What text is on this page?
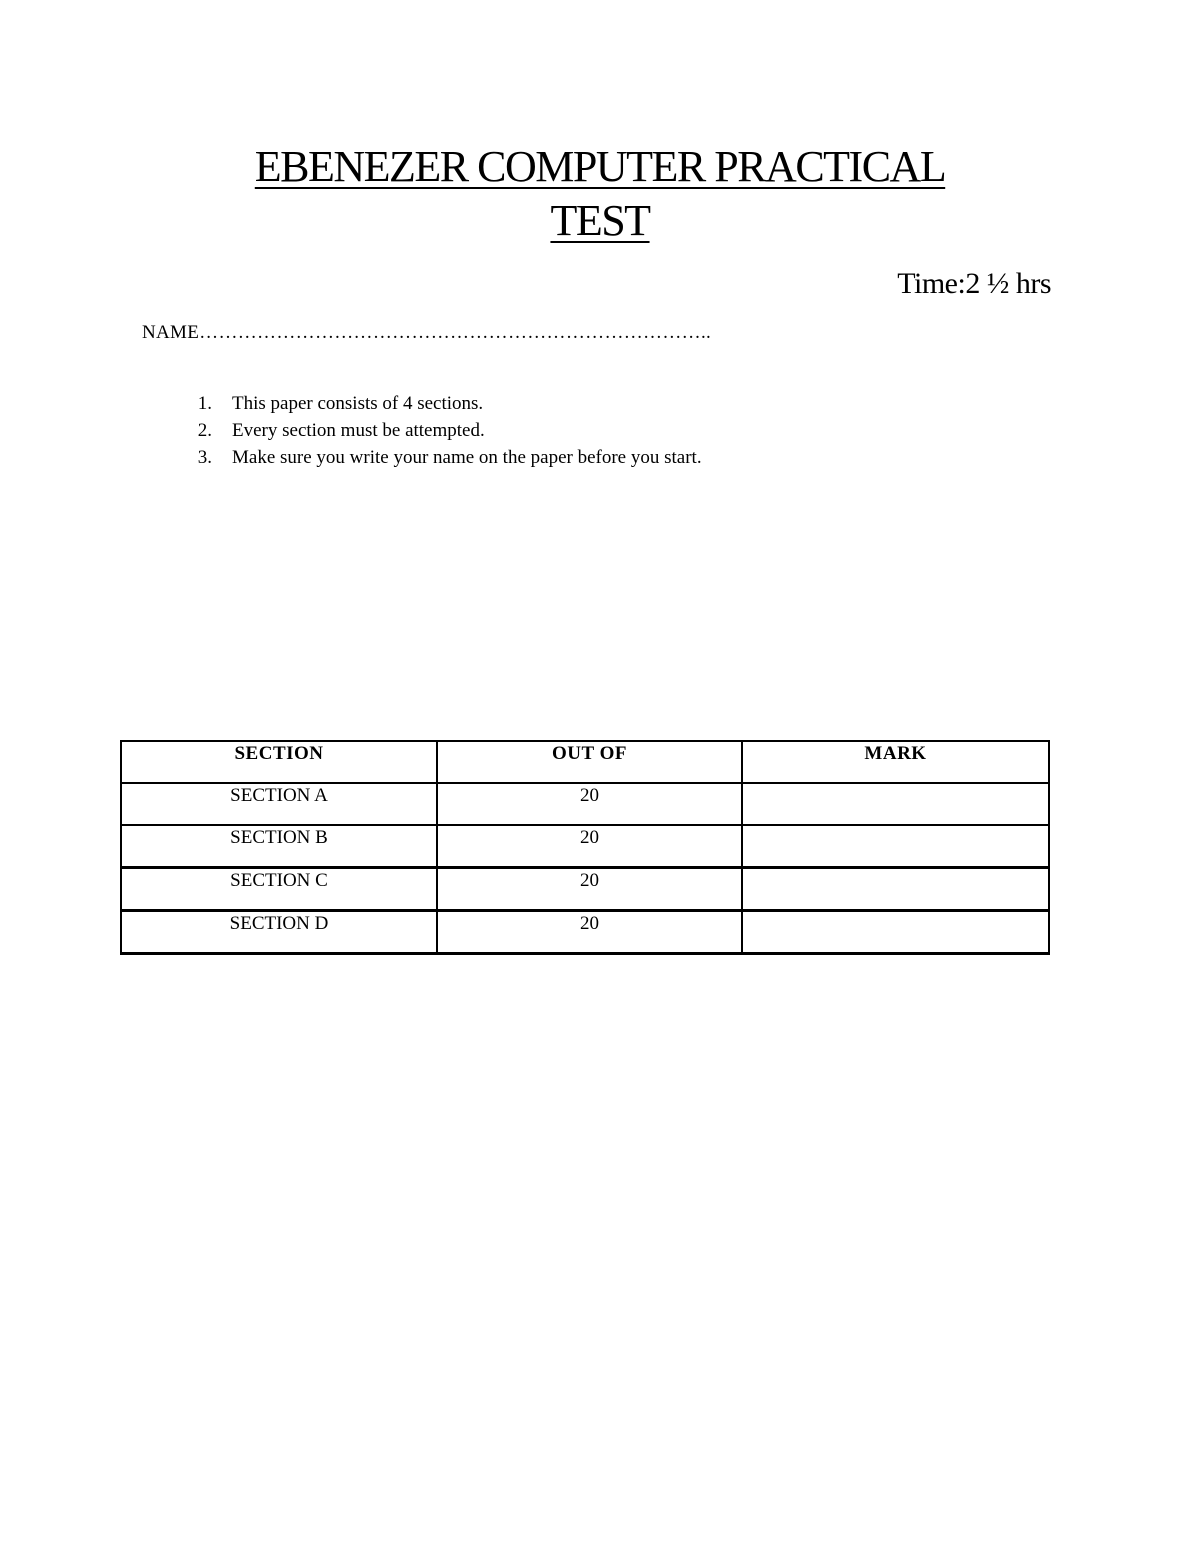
EBENEZER COMPUTER PRACTICAL
TEST
Time:2 ½ hrs
NAME……………………………………………………………………..
1. This paper consists of 4 sections.
2. Every section must be attempted.
3. Make sure you write your name on the paper before you start.
SECTION	OUT OF	MARK
SECTION A	20	
SECTION B	20	
SECTION C	20	
SECTION D	20	
